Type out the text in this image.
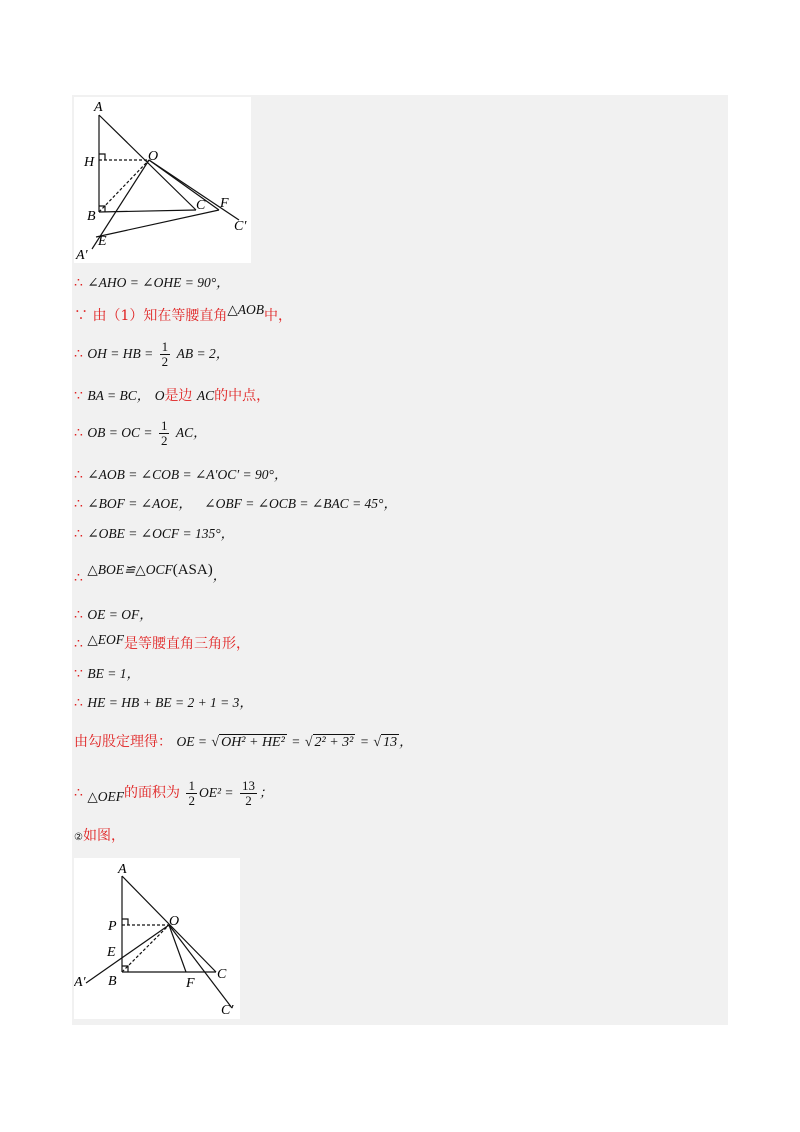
A
H	O
B
C F
C′
A′
E
∴ ∠AHO = ∠OHE = 90°，
∵ 由（1）知在等腰直角△AOB中，
∴ OH = HB = $\frac{1}{2}$ AB = 2，
∵ BA = BC， O是边 AC的中点，
∴ OB = OC = $\frac{1}{2}$ AC，
∴ ∠AOB = ∠COB = ∠A′OC′ = 90°，
∴ ∠BOF = ∠AOE， ∠OBF = ∠OCB = ∠BAC = 45°，
∴ ∠OBE = ∠OCF = 135°，
∴ △BOE≌△OCF(ASA)，
∴ OE = OF，
∴ △EOF是等腰直角三角形，
∵ BE = 1，
∴ HE = HB + BE = 2 + 1 = 3，
由勾股定理得： OE = √ OH² + HE² = √ 2² + 3² = √ 13 ，
∴ △OEF的面积为 $\frac{1}{2} OE^2 = \frac{13}{2}$ ；
②如图，
A
P	O
E
A′ B	F
C
C′
